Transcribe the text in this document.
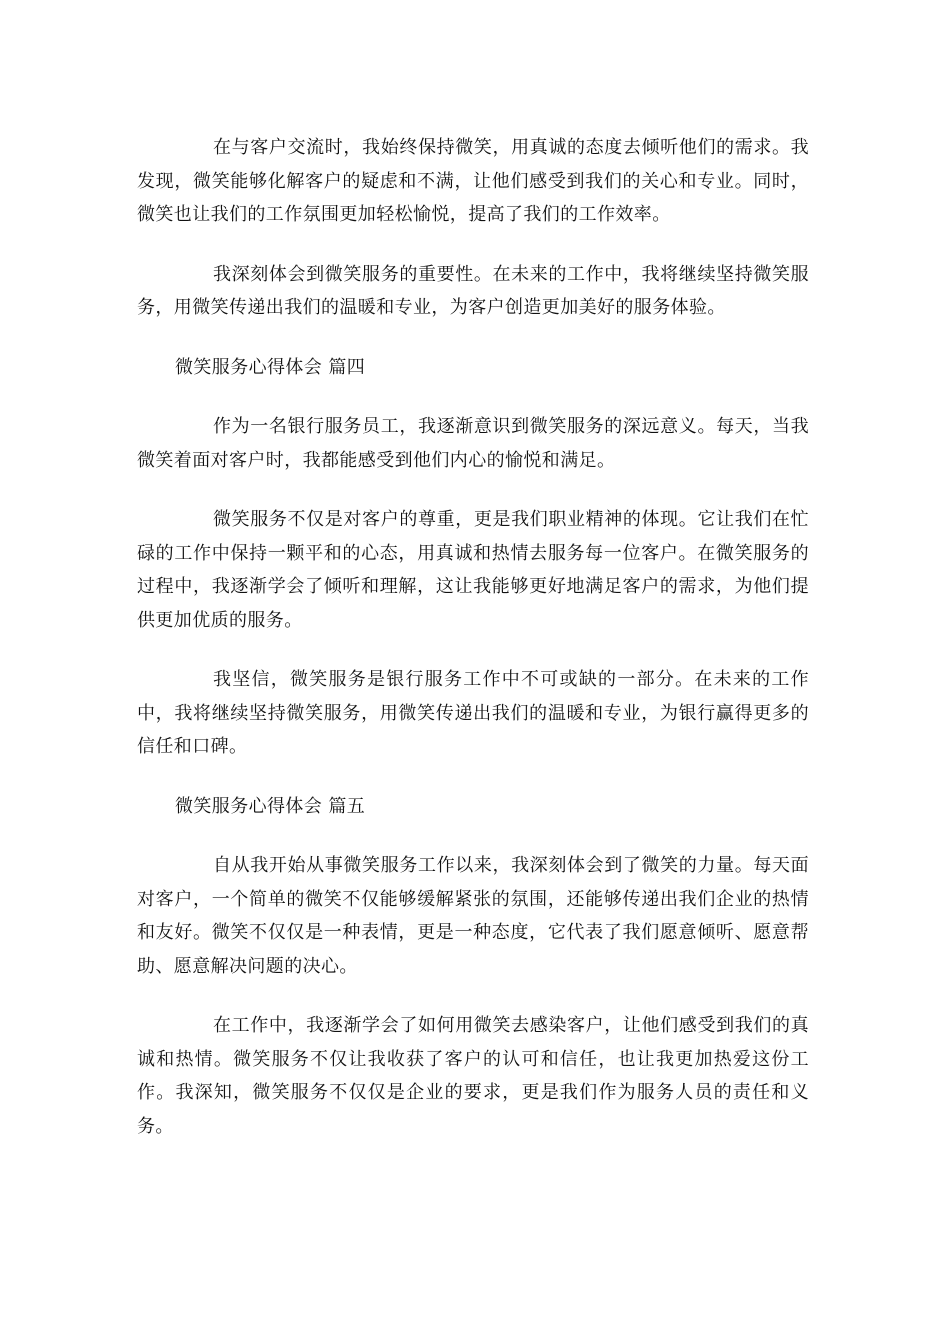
在与客户交流时，我始终保持微笑，用真诚的态度去倾听他们的需求。我发现，微笑能够化解客户的疑虑和不满，让他们感受到我们的关心和专业。同时，微笑也让我们的工作氛围更加轻松愉悦，提高了我们的工作效率。

我深刻体会到微笑服务的重要性。在未来的工作中，我将继续坚持微笑服务，用微笑传递出我们的温暖和专业，为客户创造更加美好的服务体验。

微笑服务心得体会 篇四

作为一名银行服务员工，我逐渐意识到微笑服务的深远意义。每天，当我微笑着面对客户时，我都能感受到他们内心的愉悦和满足。

微笑服务不仅是对客户的尊重，更是我们职业精神的体现。它让我们在忙碌的工作中保持一颗平和的心态，用真诚和热情去服务每一位客户。在微笑服务的过程中，我逐渐学会了倾听和理解，这让我能够更好地满足客户的需求，为他们提供更加优质的服务。

我坚信，微笑服务是银行服务工作中不可或缺的一部分。在未来的工作中，我将继续坚持微笑服务，用微笑传递出我们的温暖和专业，为银行赢得更多的信任和口碑。

微笑服务心得体会 篇五

自从我开始从事微笑服务工作以来，我深刻体会到了微笑的力量。每天面对客户，一个简单的微笑不仅能够缓解紧张的氛围，还能够传递出我们企业的热情和友好。微笑不仅仅是一种表情，更是一种态度，它代表了我们愿意倾听、愿意帮助、愿意解决问题的决心。

在工作中，我逐渐学会了如何用微笑去感染客户，让他们感受到我们的真诚和热情。微笑服务不仅让我收获了客户的认可和信任，也让我更加热爱这份工作。我深知，微笑服务不仅仅是企业的要求，更是我们作为服务人员的责任和义务。
